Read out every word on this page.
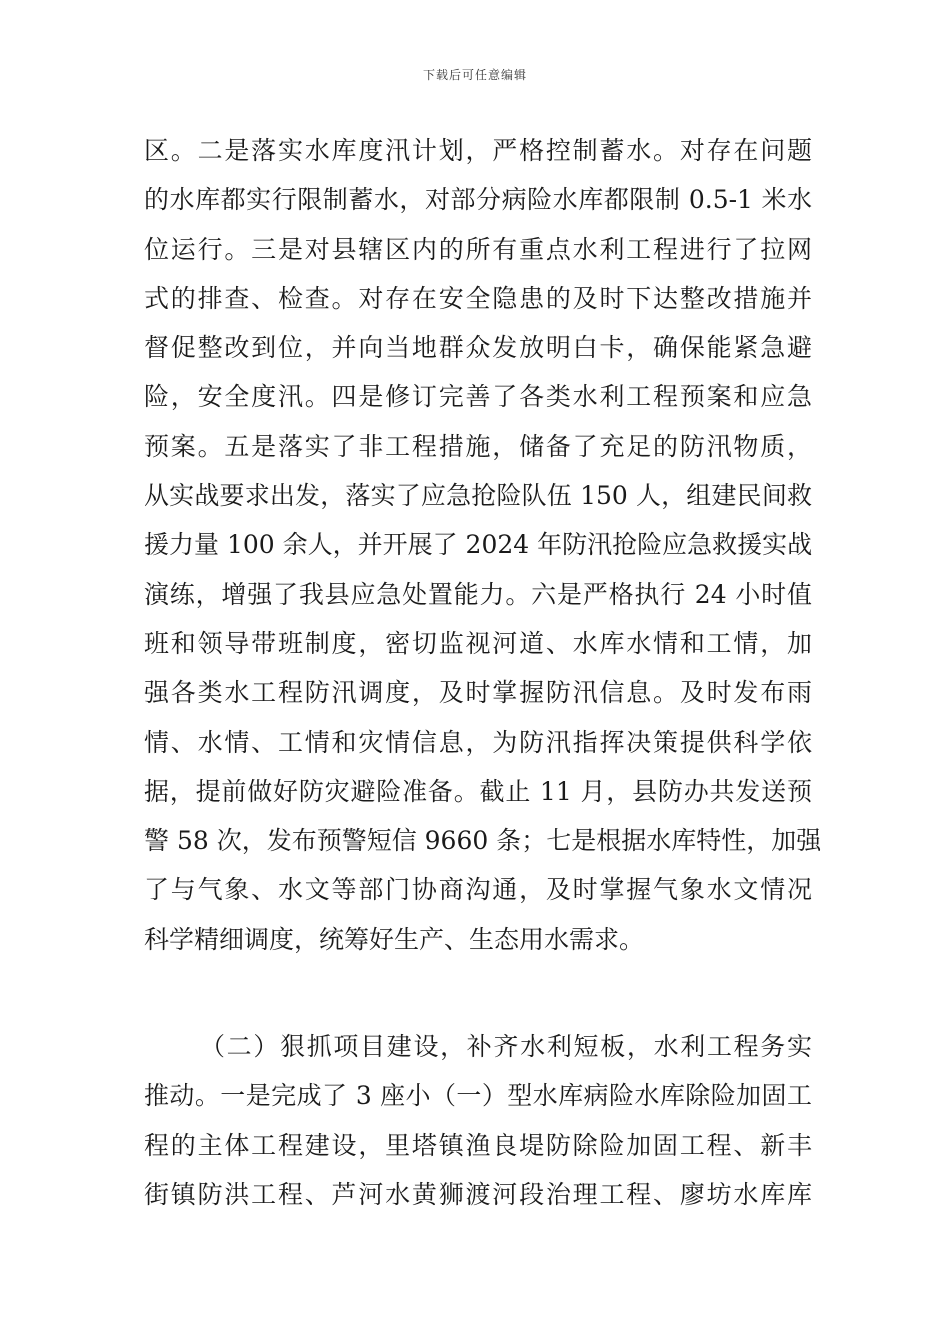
下载后可任意编辑
区。二是落实水库度汛计划，严格控制蓄水。对存在问题
的水库都实行限制蓄水，对部分病险水库都限制 0.5-1 米水
位运行。三是对县辖区内的所有重点水利工程进行了拉网
式的排查、检查。对存在安全隐患的及时下达整改措施并
督促整改到位，并向当地群众发放明白卡，确保能紧急避
险，安全度汛。四是修订完善了各类水利工程预案和应急
预案。五是落实了非工程措施，储备了充足的防汛物质，
从实战要求出发，落实了应急抢险队伍 150 人，组建民间救
援力量 100 余人，并开展了 2024 年防汛抢险应急救援实战
演练，增强了我县应急处置能力。六是严格执行 24 小时值
班和领导带班制度，密切监视河道、水库水情和工情，加
强各类水工程防汛调度，及时掌握防汛信息。及时发布雨
情、水情、工情和灾情信息，为防汛指挥决策提供科学依
据，提前做好防灾避险准备。截止 11 月，县防办共发送预
警 58 次，发布预警短信 9660 条；七是根据水库特性，加强
了与气象、水文等部门协商沟通，及时掌握气象水文情况
科学精细调度，统筹好生产、生态用水需求。
（二）狠抓项目建设，补齐水利短板，水利工程务实
推动。一是完成了 3 座小（一）型水库病险水库除险加固工
程的主体工程建设，里塔镇渔良堤防除险加固工程、新丰
街镇防洪工程、芦河水黄狮渡河段治理工程、廖坊水库库
